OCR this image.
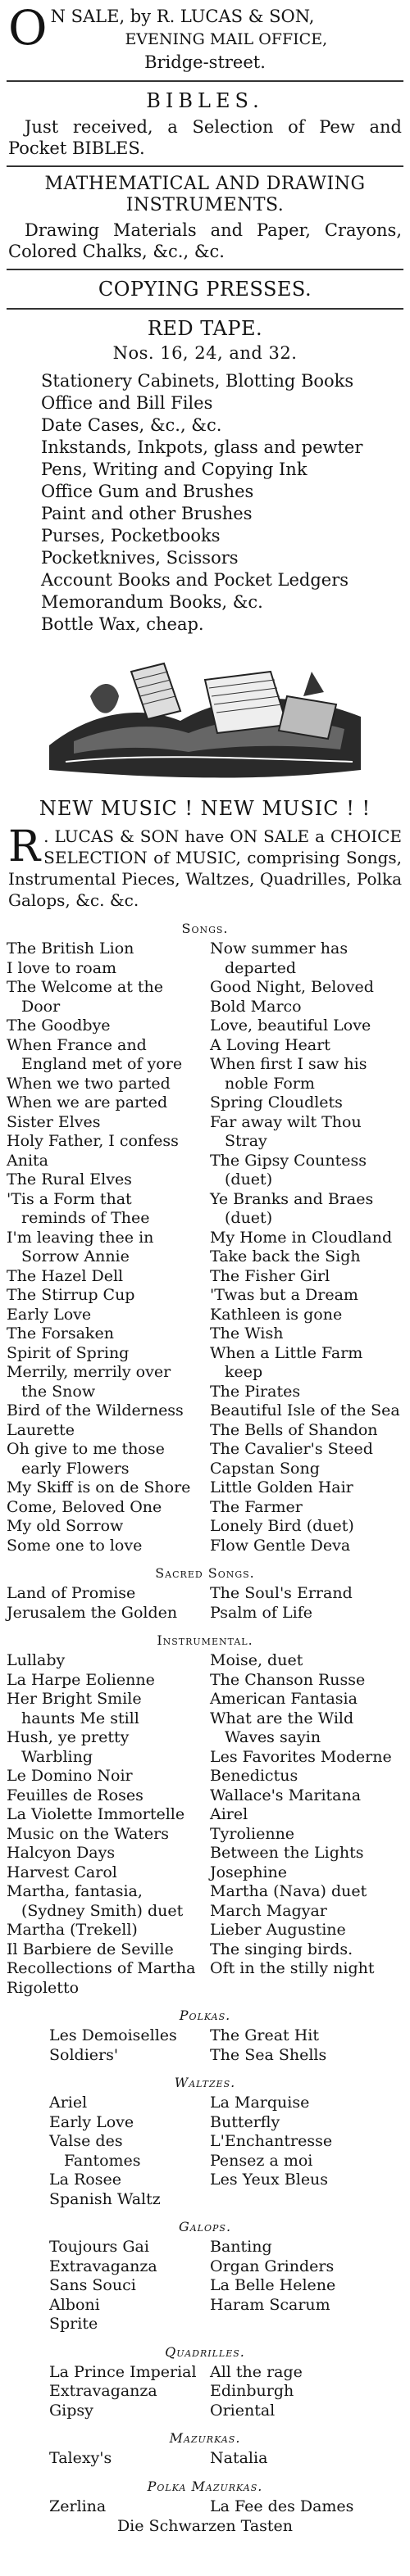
O N SALE, by R. LUCAS & SON,
EVENING MAIL OFFICE,
Bridge-street.
BIBLES.
Just received, a Selection of Pew and Pocket BIBLES.
MATHEMATICAL AND DRAWING INSTRUMENTS.
Drawing Materials and Paper, Crayons, Colored Chalks, &c., &c.
COPYING PRESSES.
RED TAPE.
Nos. 16, 24, and 32.
Stationery Cabinets, Blotting Books
Office and Bill Files
Date Cases, &c., &c.
Inkstands, Inkpots, glass and pewter
Pens, Writing and Copying Ink
Office Gum and Brushes
Paint and other Brushes
Purses, Pocketbooks
Pocketknives, Scissors
Account Books and Pocket Ledgers
Memorandum Books, &c.
Bottle Wax, cheap.
NEW MUSIC ! NEW MUSIC ! !
R . LUCAS & SON have ON SALE a CHOICE SELECTION of MUSIC, comprising Songs, Instrumental Pieces, Waltzes, Quadrilles, Polka Galops, &c. &c.
Songs.
The British Lion
I love to roam
The Welcome at the Door
The Goodbye
When France and England met of yore
When we two parted
When we are parted
Sister Elves
Holy Father, I confess
Anita
The Rural Elves
'Tis a Form that reminds of Thee
I'm leaving thee in Sorrow Annie
The Hazel Dell
The Stirrup Cup
Early Love
The Forsaken
Spirit of Spring
Merrily, merrily over the Snow
Bird of the Wilderness
Laurette
Oh give to me those early Flowers
My Skiff is on de Shore
Come, Beloved One
My old Sorrow
Some one to love
Now summer has departed
Good Night, Beloved
Bold Marco
Love, beautiful Love
A Loving Heart
When first I saw his noble Form
Spring Cloudlets
Far away wilt Thou Stray
The Gipsy Countess (duet)
Ye Branks and Braes (duet)
My Home in Cloudland
Take back the Sigh
The Fisher Girl
'Twas but a Dream
Kathleen is gone
The Wish
When a Little Farm keep
The Pirates
Beautiful Isle of the Sea
The Bells of Shandon
The Cavalier's Steed
Capstan Song
Little Golden Hair
The Farmer
Lonely Bird (duet)
Flow Gentle Deva
Sacred Songs.
Land of Promise
Jerusalem the Golden
The Soul's Errand
Psalm of Life
Instrumental.
Lullaby
La Harpe Eolienne
Her Bright Smile haunts Me still
Hush, ye pretty Warbling
Le Domino Noir
Feuilles de Roses
La Violette Immortelle
Music on the Waters
Halcyon Days
Harvest Carol
Martha, fantasia, (Sydney Smith) duet
Martha (Trekell)
Il Barbiere de Seville
Recollections of Martha
Rigoletto
Moise, duet
The Chanson Russe
American Fantasia
What are the Wild Waves sayin
Les Favorites Moderne
Benedictus
Wallace's Maritana
Airel
Tyrolienne
Between the Lights
Josephine
Martha (Nava) duet
March Magyar
Lieber Augustine
The singing birds.
Oft in the stilly night
Polkas.
Les Demoiselles
Soldiers'
The Great Hit
The Sea Shells
Waltzes.
Ariel
Early Love
Valse des Fantomes
La Rosee
Spanish Waltz
La Marquise
Butterfly
L'Enchantresse
Pensez a moi
Les Yeux Bleus
Galops.
Toujours Gai
Extravaganza
Sans Souci
Alboni
Sprite
Banting
Organ Grinders
La Belle Helene
Haram Scarum
Quadrilles.
La Prince Imperial
Extravaganza
Gipsy
All the rage
Edinburgh
Oriental
Mazurkas.
Talexy's	Natalia
Polka Mazurkas.
Zerlina	La Fee des Dames
Die Schwarzen Tasten
